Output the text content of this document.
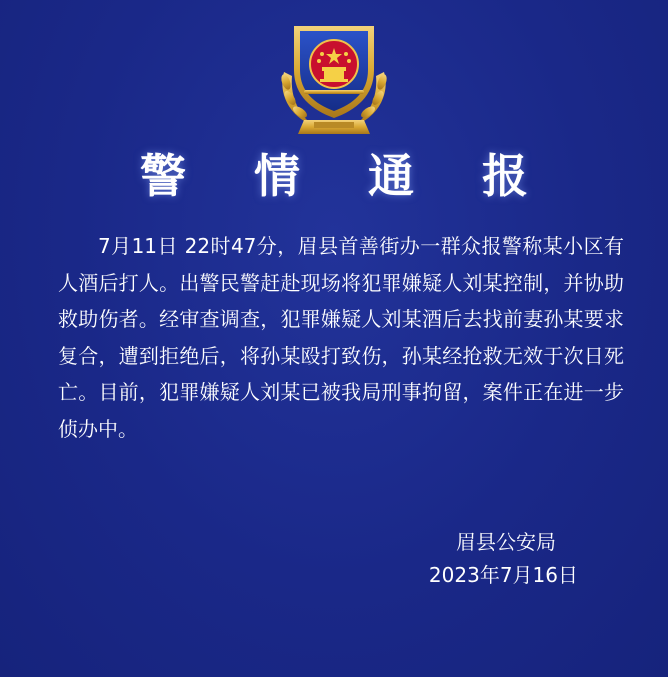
警 情 通 报

7月11日 22时47分，眉县首善街办一群众报警称某小区有人酒后打人。出警民警赶赴现场将犯罪嫌疑人刘某控制，并协助救助伤者。经审查调查，犯罪嫌疑人刘某酒后去找前妻孙某要求复合，遭到拒绝后，将孙某殴打致伤，孙某经抢救无效于次日死亡。目前，犯罪嫌疑人刘某已被我局刑事拘留，案件正在进一步侦办中。

眉县公安局
2023年7月16日
